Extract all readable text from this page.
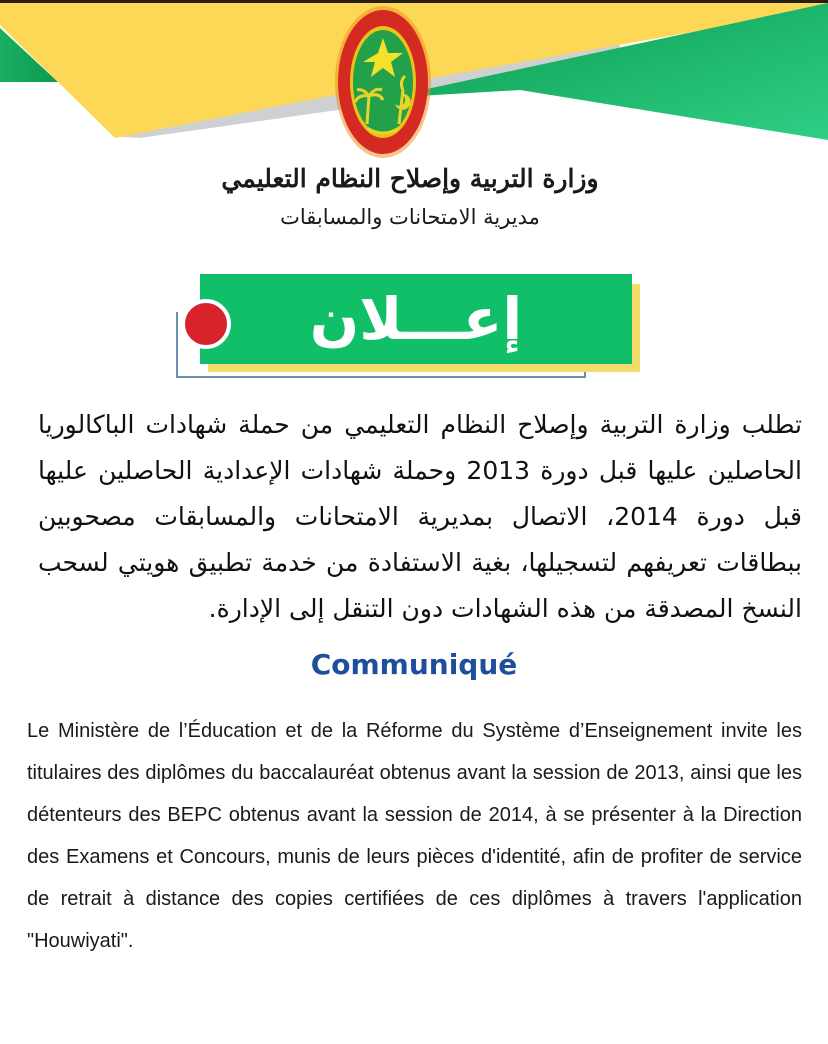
وزارة التربية وإصلاح النظام التعليمي
مديرية الامتحانات والمسابقات
إعـــلان
تطلب وزارة التربية وإصلاح النظام التعليمي من حملة شهادات الباكالوريا الحاصلين عليها قبل دورة 2013 وحملة شهادات الإعدادية الحاصلين عليها قبل دورة 2014، الاتصال بمديرية الامتحانات والمسابقات مصحوبين ببطاقات تعريفهم لتسجيلها، بغية الاستفادة من خدمة تطبيق هويتي لسحب النسخ المصدقة من هذه الشهادات دون التنقل إلى الإدارة.
Communiqué
Le Ministère de l’Éducation et de la Réforme du Système d’Enseignement invite les titulaires des diplômes du baccalauréat obtenus avant la session de 2013, ainsi que les détenteurs des BEPC obtenus avant la session de 2014, à se présenter à la Direction des Examens et Concours, munis de leurs pièces d'identité, afin de profiter de service de retrait à distance des copies certifiées de ces diplômes à travers l'application "Houwiyati".
